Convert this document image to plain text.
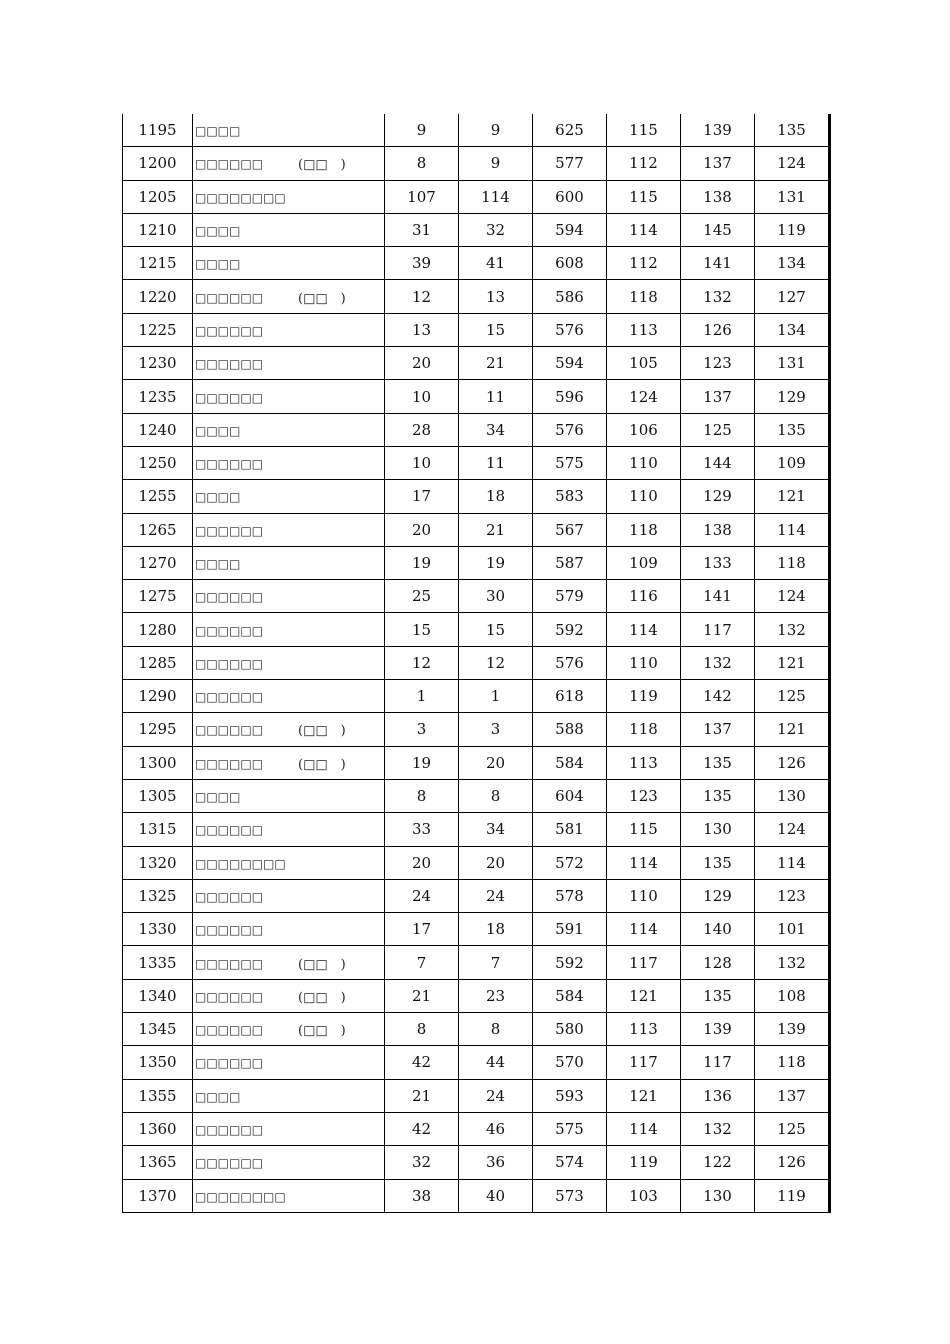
1195	□□□□	9	9	625	115	139	135
1200	□□□□□□ (□□　)	8	9	577	112	137	124
1205	□□□□□□□□	107	114	600	115	138	131
1210	□□□□	31	32	594	114	145	119
1215	□□□□	39	41	608	112	141	134
1220	□□□□□□ (□□　)	12	13	586	118	132	127
1225	□□□□□□	13	15	576	113	126	134
1230	□□□□□□	20	21	594	105	123	131
1235	□□□□□□	10	11	596	124	137	129
1240	□□□□	28	34	576	106	125	135
1250	□□□□□□	10	11	575	110	144	109
1255	□□□□	17	18	583	110	129	121
1265	□□□□□□	20	21	567	118	138	114
1270	□□□□	19	19	587	109	133	118
1275	□□□□□□	25	30	579	116	141	124
1280	□□□□□□	15	15	592	114	117	132
1285	□□□□□□	12	12	576	110	132	121
1290	□□□□□□	1	1	618	119	142	125
1295	□□□□□□ (□□　)	3	3	588	118	137	121
1300	□□□□□□ (□□　)	19	20	584	113	135	126
1305	□□□□	8	8	604	123	135	130
1315	□□□□□□	33	34	581	115	130	124
1320	□□□□□□□□	20	20	572	114	135	114
1325	□□□□□□	24	24	578	110	129	123
1330	□□□□□□	17	18	591	114	140	101
1335	□□□□□□ (□□　)	7	7	592	117	128	132
1340	□□□□□□ (□□　)	21	23	584	121	135	108
1345	□□□□□□ (□□　)	8	8	580	113	139	139
1350	□□□□□□	42	44	570	117	117	118
1355	□□□□	21	24	593	121	136	137
1360	□□□□□□	42	46	575	114	132	125
1365	□□□□□□	32	36	574	119	122	126
1370	□□□□□□□□	38	40	573	103	130	119
